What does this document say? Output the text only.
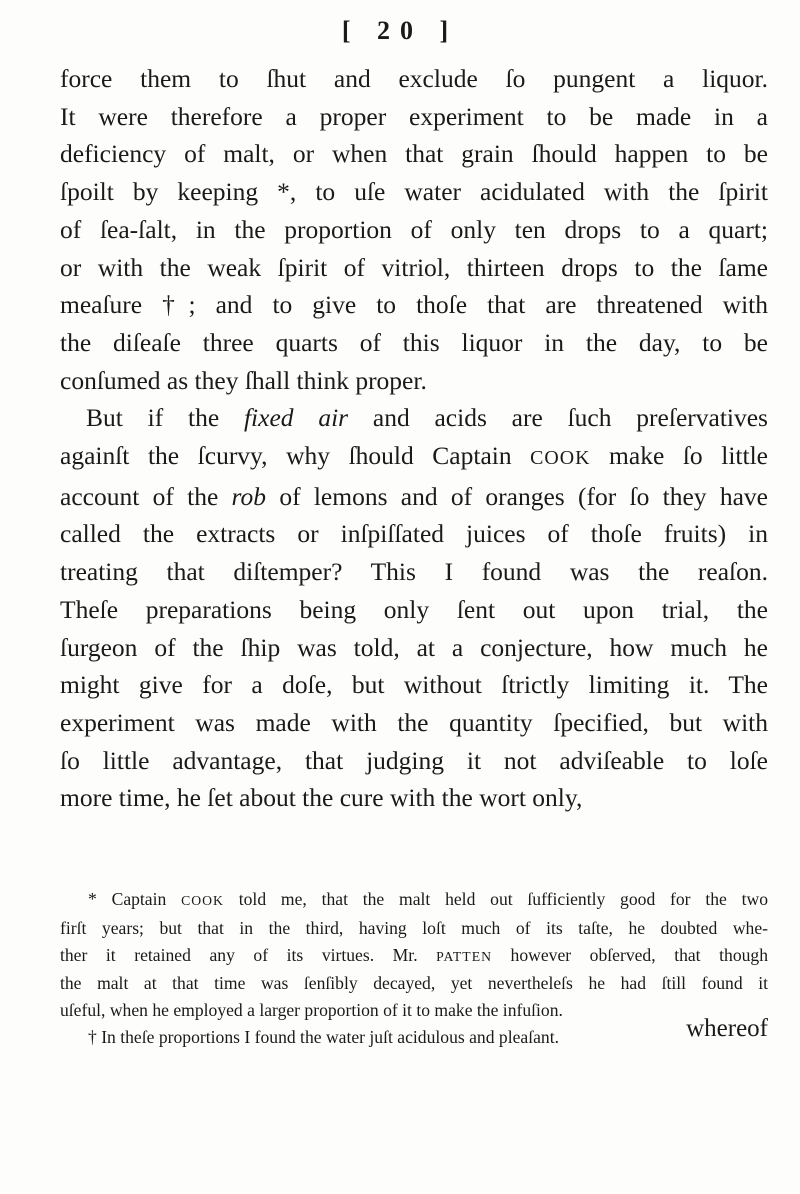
[ 20 ]
force them to ſhut and exclude ſo pungent a liquor.
It were therefore a proper experiment to be made in a
deficiency of malt, or when that grain ſhould happen to be
ſpoilt by keeping *, to uſe water acidulated with the ſpirit
of ſea-ſalt, in the proportion of only ten drops to a quart;
or with the weak ſpirit of vitriol, thirteen drops to the ſame
meaſure †; and to give to thoſe that are threatened with
the diſeaſe three quarts of this liquor in the day, to be
conſumed as they ſhall think proper.
But if the fixed air and acids are ſuch preſervatives
againſt the ſcurvy, why ſhould Captain COOK make ſo little
account of the rob of lemons and of oranges (for ſo they have
called the extracts or inſpiſſated juices of thoſe fruits) in
treating that diſtemper? This I found was the reaſon.
Theſe preparations being only ſent out upon trial, the
ſurgeon of the ſhip was told, at a conjecture, how much he
might give for a doſe, but without ſtrictly limiting it. The
experiment was made with the quantity ſpecified, but with
ſo little advantage, that judging it not adviſeable to loſe
more time, he ſet about the cure with the wort only,
* Captain COOK told me, that the malt held out ſufficiently good for the two
firſt years; but that in the third, having loſt much of its taſte, he doubted whe-
ther it retained any of its virtues. Mr. PATTEN however obſerved, that though
the malt at that time was ſenſibly decayed, yet nevertheleſs he had ſtill found it
uſeful, when he employed a larger proportion of it to make the infuſion.
† In theſe proportions I found the water juſt acidulous and pleaſant.	whereof
